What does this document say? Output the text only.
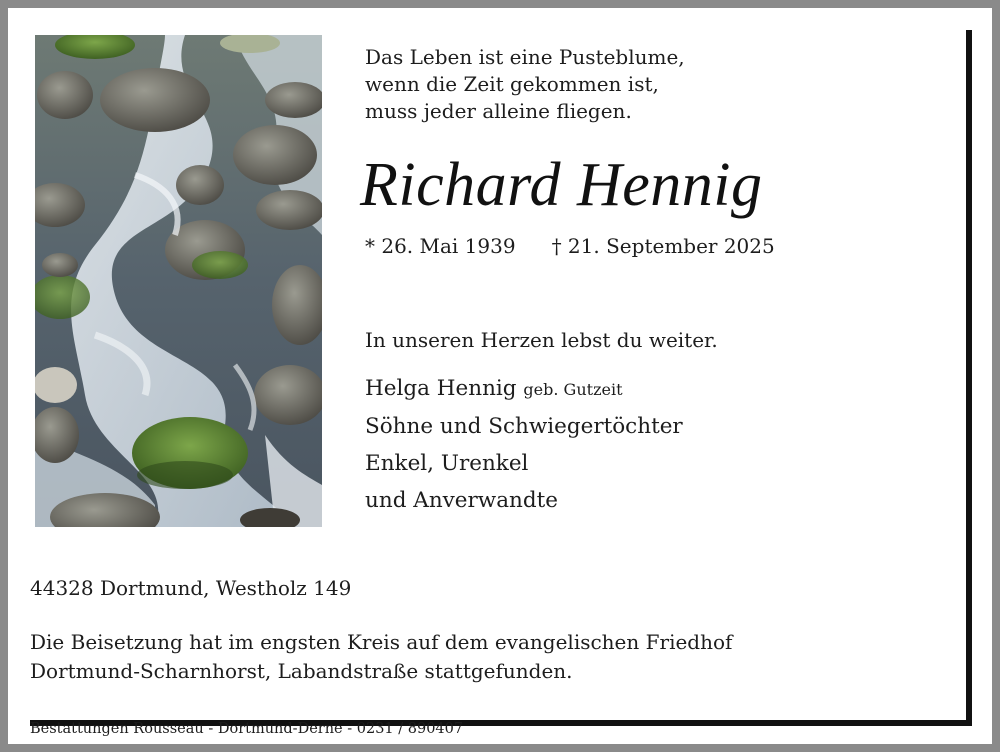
Das Leben ist eine Pusteblume,
wenn die Zeit gekommen ist,
muss jeder alleine fliegen.
Richard Hennig
* 26. Mai 1939 † 21. September 2025
In unseren Herzen lebst du weiter.
Helga Hennig geb. Gutzeit
Söhne und Schwiegertöchter
Enkel, Urenkel
und Anverwandte
44328 Dortmund, Westholz 149
Die Beisetzung hat im engsten Kreis auf dem evangelischen Friedhof
Dortmund-Scharnhorst, Labandstraße stattgefunden.
Bestattungen Rousseau - Dortmund-Derne - 0231 / 890407
